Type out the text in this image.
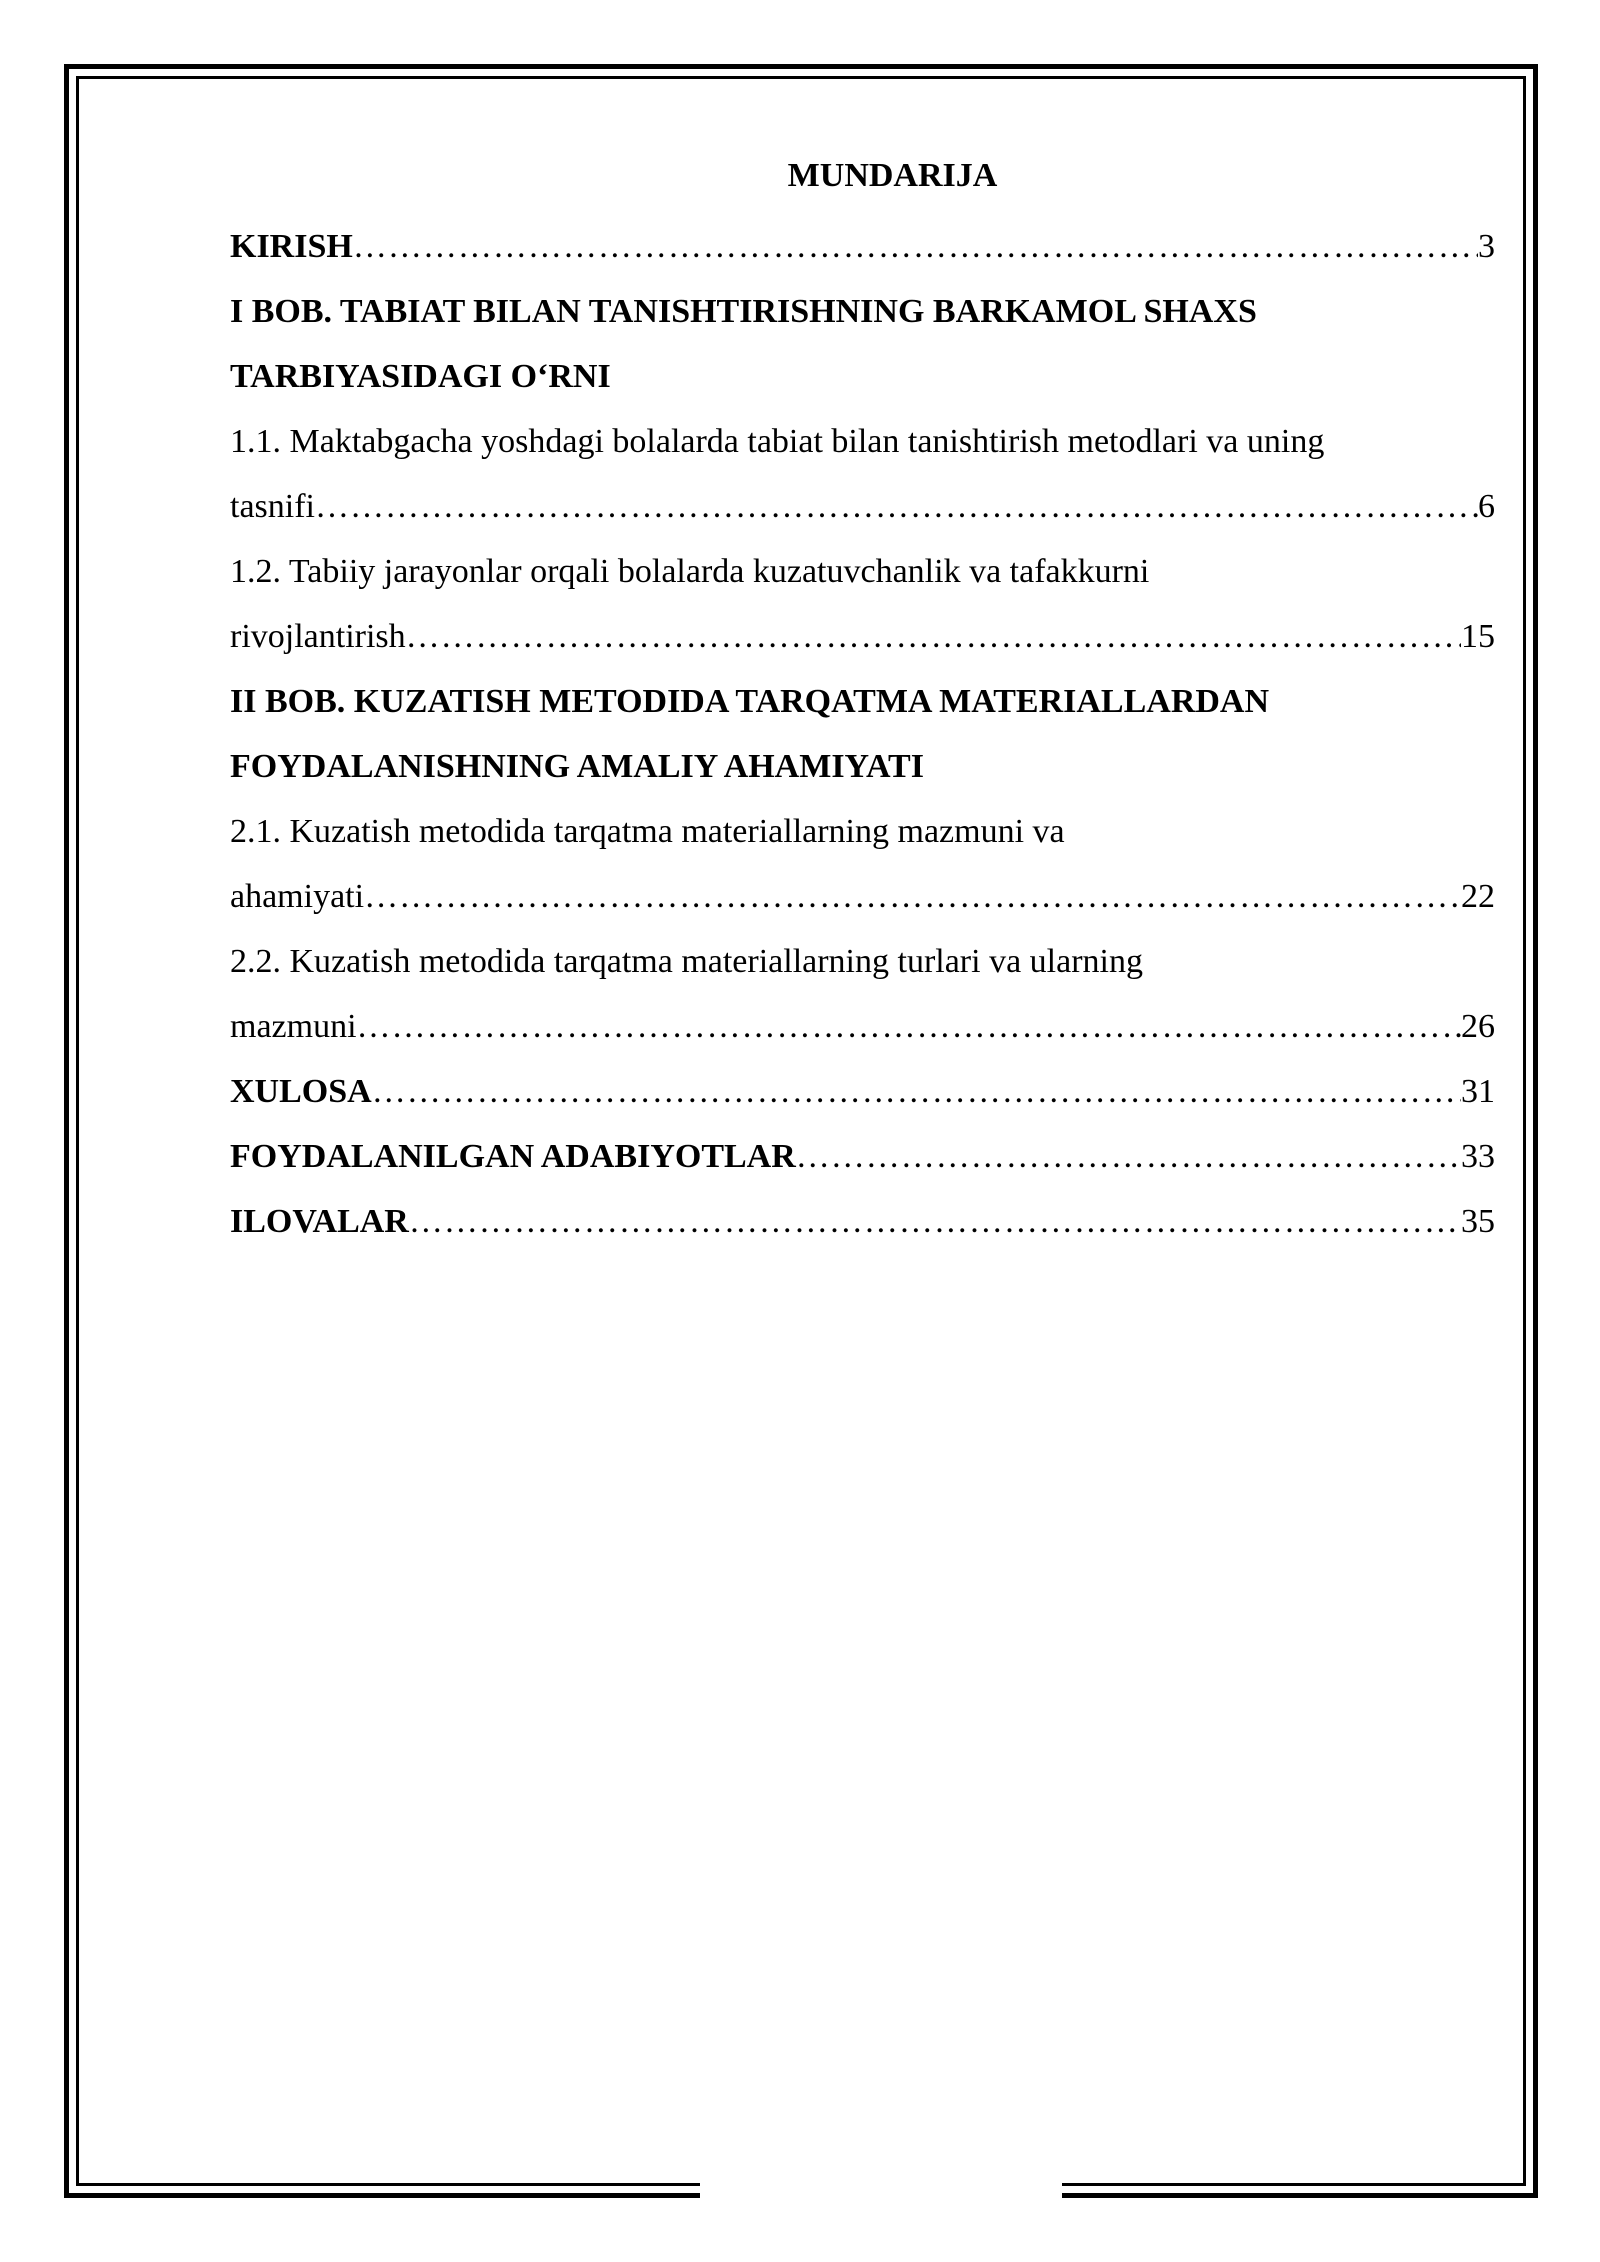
MUNDARIJA
KIRISH ………………………………………………………………………………………………………………………………………………………………	3
I BOB. TABIAT BILAN TANISHTIRISHNING BARKAMOL SHAXS
TARBIYASIDAGI O‘RNI
1.1. Maktabgacha yoshdagi bolalarda tabiat bilan tanishtirish metodlari va uning
tasnifi ………………………………………………………………………………………………………………………………………………………………	6
1.2. Tabiiy jarayonlar orqali bolalarda kuzatuvchanlik va tafakkurni
rivojlantirish ………………………………………………………………………………………………………………………………………………………………	15
II BOB. KUZATISH METODIDA TARQATMA MATERIALLARDAN
FOYDALANISHNING AMALIY AHAMIYATI
2.1. Kuzatish metodida tarqatma materiallarning mazmuni va
ahamiyati ………………………………………………………………………………………………………………………………………………………………	22
2.2. Kuzatish metodida tarqatma materiallarning turlari va ularning
mazmuni ………………………………………………………………………………………………………………………………………………………………	26
XULOSA ………………………………………………………………………………………………………………………………………………………………	31
FOYDALANILGAN ADABIYOTLAR ………………………………………………………………………………………………………………………………………………………………	33
ILOVALAR ………………………………………………………………………………………………………………………………………………………………	35
